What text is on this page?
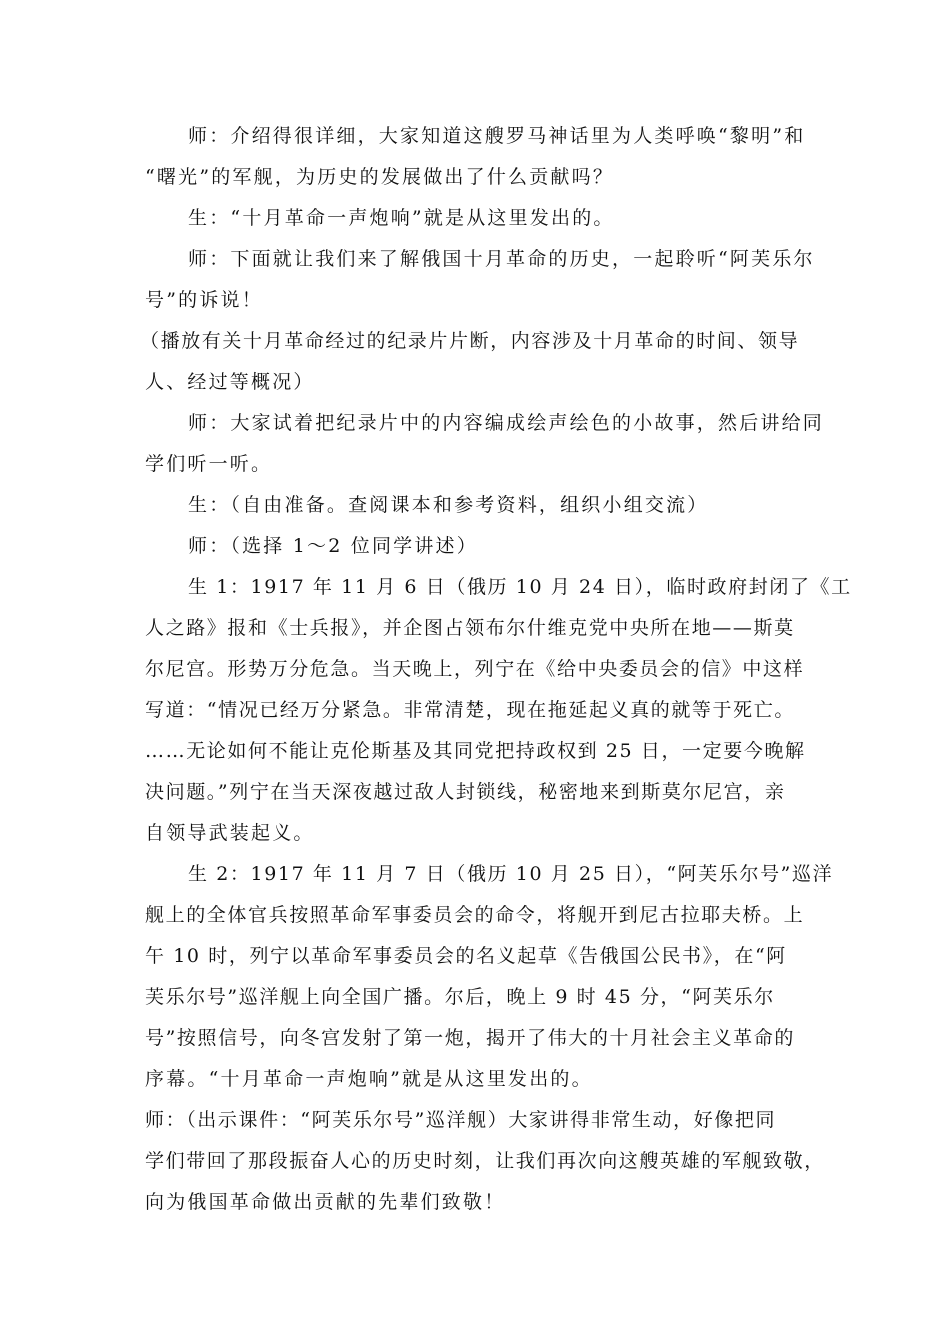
师：介绍得很详细，大家知道这艘罗马神话里为人类呼唤“黎明”和
“曙光”的军舰，为历史的发展做出了什么贡献吗？
生：“十月革命一声炮响”就是从这里发出的。
师：下面就让我们来了解俄国十月革命的历史，一起聆听“阿芙乐尔
号”的诉说！
（播放有关十月革命经过的纪录片片断，内容涉及十月革命的时间、领导
人、经过等概况）
师：大家试着把纪录片中的内容编成绘声绘色的小故事，然后讲给同
学们听一听。
生：（自由准备。查阅课本和参考资料，组织小组交流）
师：（选择 1～2 位同学讲述）
生 1：1917 年 11 月 6 日（俄历 10 月 24 日），临时政府封闭了《工
人之路》报和《士兵报》，并企图占领布尔什维克党中央所在地——斯莫
尔尼宫。形势万分危急。当天晚上，列宁在《给中央委员会的信》中这样
写道：“情况已经万分紧急。非常清楚，现在拖延起义真的就等于死亡。
……无论如何不能让克伦斯基及其同党把持政权到 25 日，一定要今晚解
决问题。”列宁在当天深夜越过敌人封锁线，秘密地来到斯莫尔尼宫，亲
自领导武装起义。
生 2：1917 年 11 月 7 日（俄历 10 月 25 日），“阿芙乐尔号”巡洋
舰上的全体官兵按照革命军事委员会的命令，将舰开到尼古拉耶夫桥。上
午 10 时，列宁以革命军事委员会的名义起草《告俄国公民书》，在“阿
芙乐尔号”巡洋舰上向全国广播。尔后，晚上 9 时 45 分，“阿芙乐尔
号”按照信号，向冬宫发射了第一炮，揭开了伟大的十月社会主义革命的
序幕。“十月革命一声炮响”就是从这里发出的。
师：（出示课件：“阿芙乐尔号”巡洋舰）大家讲得非常生动，好像把同
学们带回了那段振奋人心的历史时刻，让我们再次向这艘英雄的军舰致敬，
向为俄国革命做出贡献的先辈们致敬！
